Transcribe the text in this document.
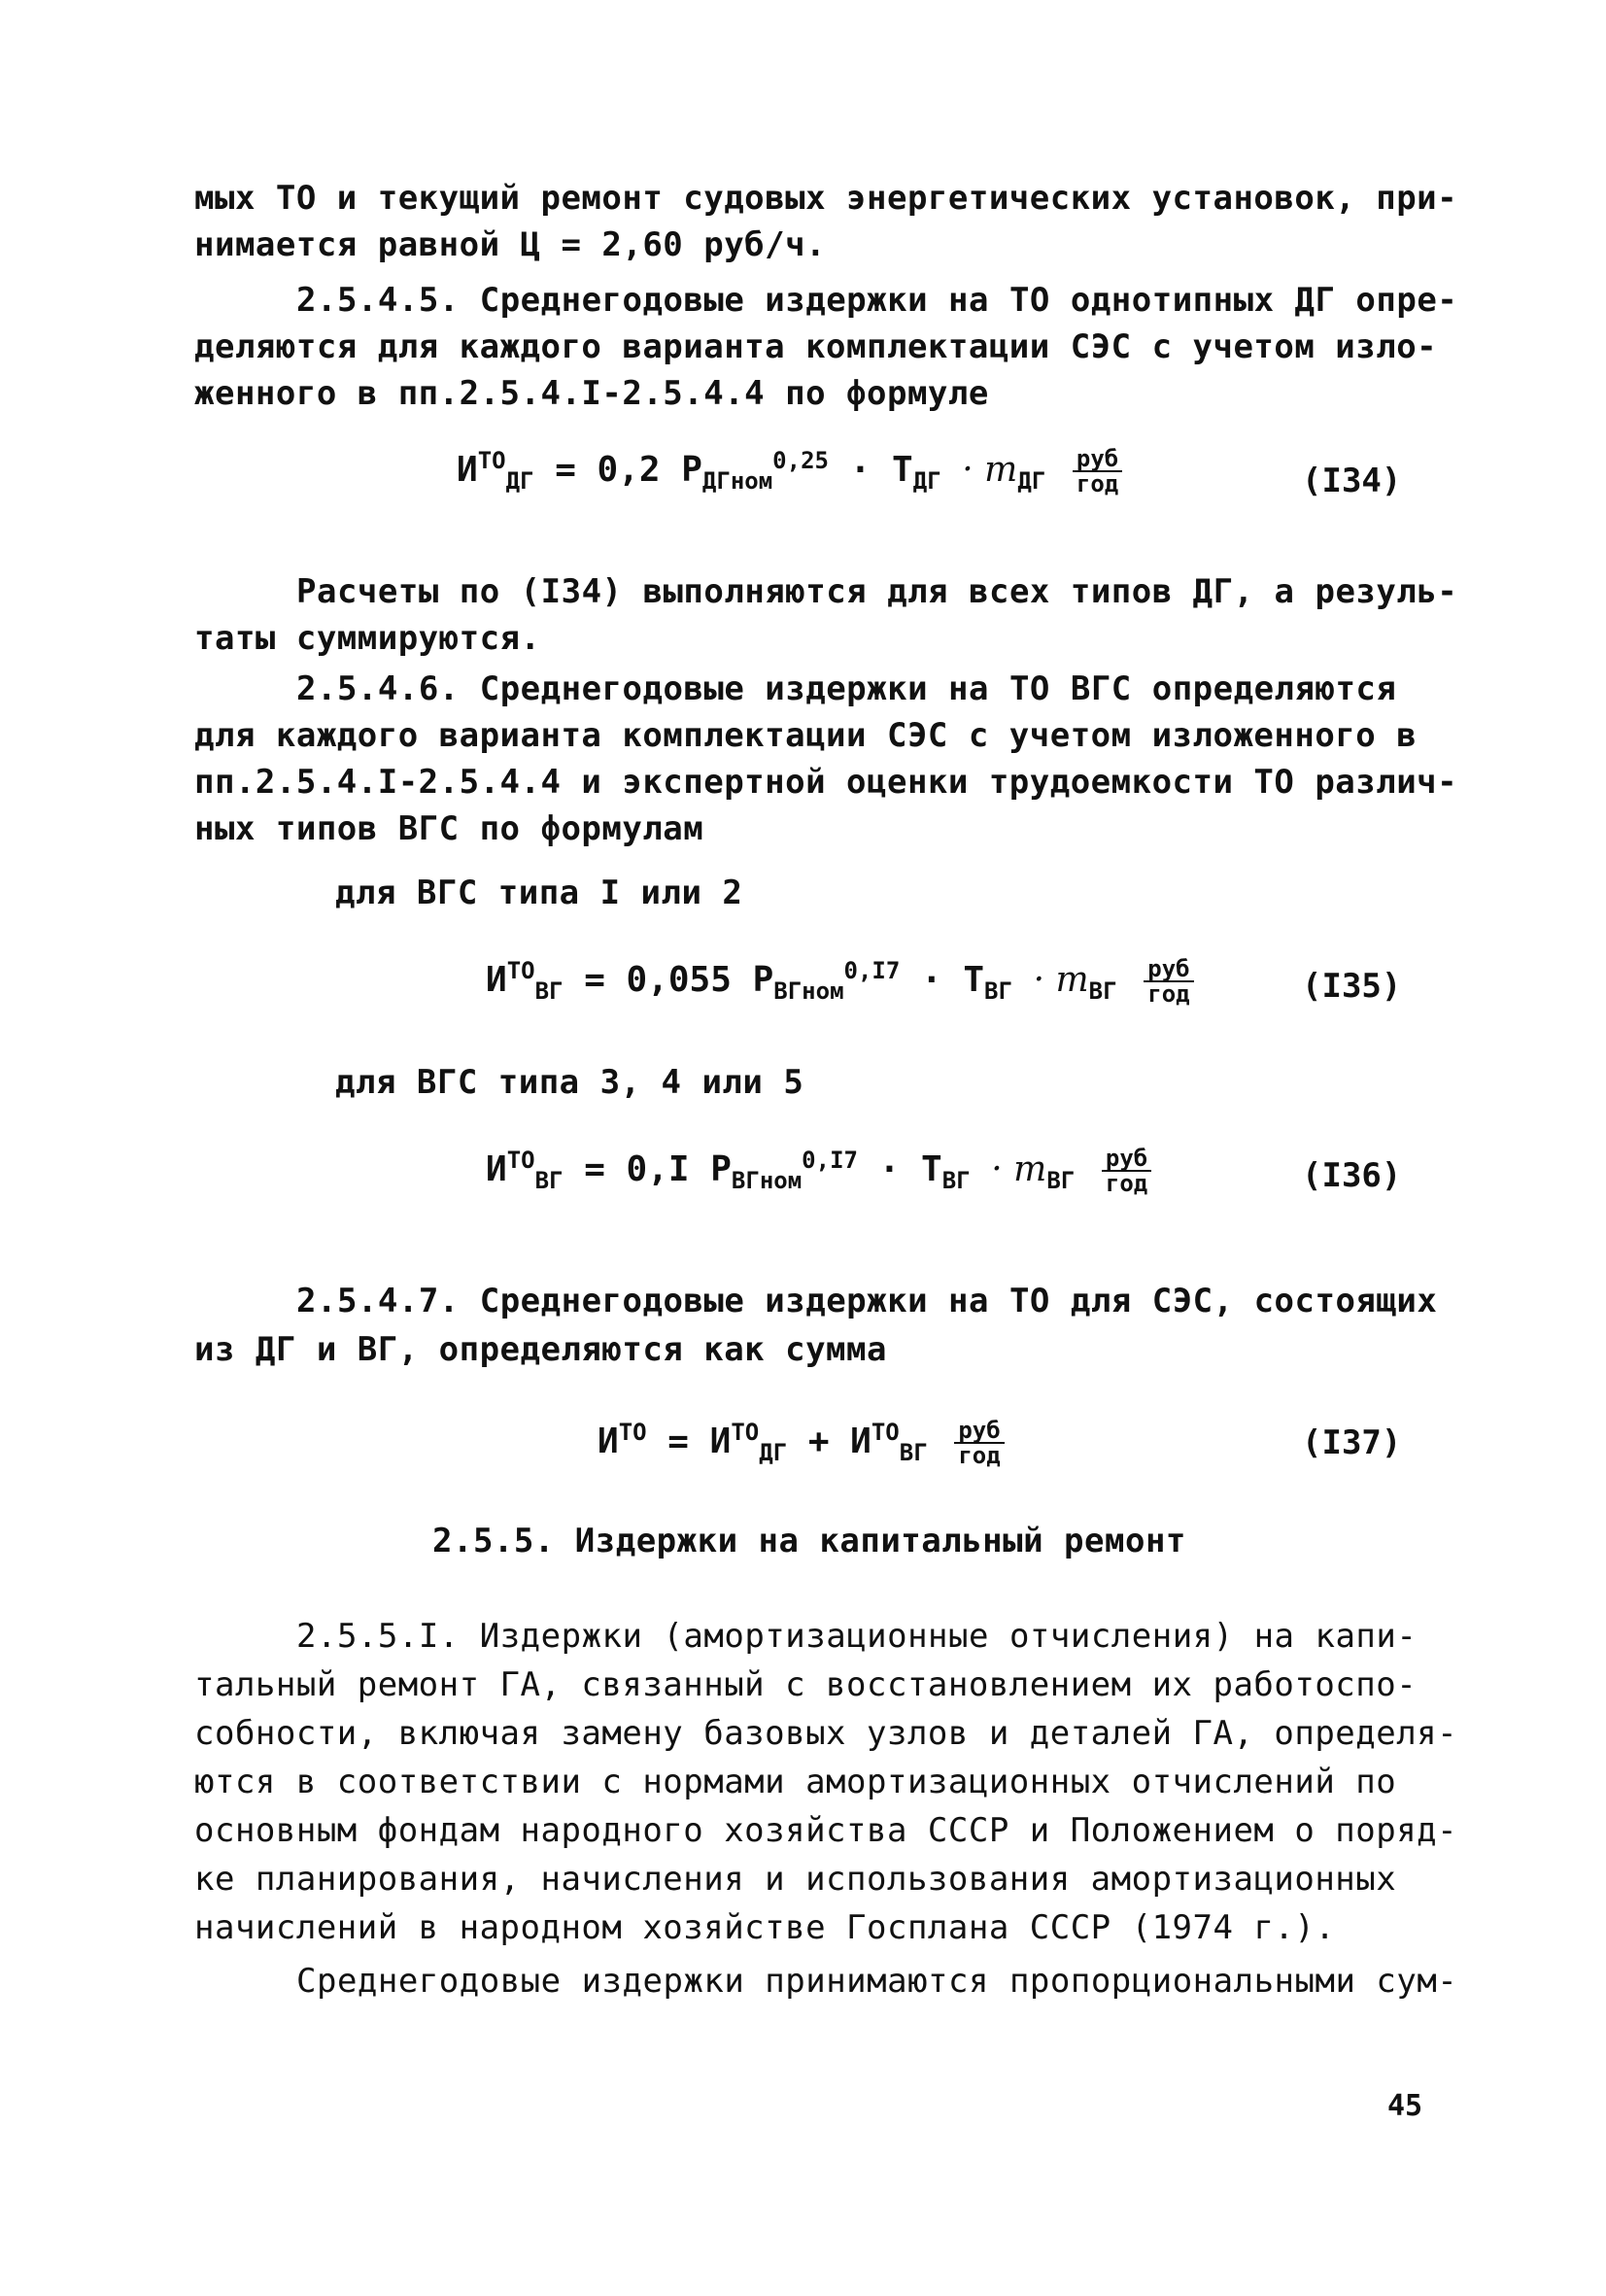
мых ТО и текущий ремонт судовых энергетических установок, при-
нимается равной Ц = 2,60 руб/ч.
2.5.4.5. Среднегодовые издержки на ТО однотипных ДГ опре-
деляются для каждого варианта комплектации СЭС с учетом изло-
женного в пп.2.5.4.I-2.5.4.4 по формуле
$И^{ТО}_{ДГ} = 0,2$ $P_{ДГном}^{0,25} \cdot T_{ДГ} \cdot m_{ДГ} \frac{\text{руб}}{\text{год}}$	(I34)
Расчеты по (I34) выполняются для всех типов ДГ, а резуль-
таты суммируются.
2.5.4.6. Среднегодовые издержки на ТО ВГС определяются
для каждого варианта комплектации СЭС с учетом изложенного в
пп.2.5.4.I-2.5.4.4 и экспертной оценки трудоемкости ТО различ-
ных типов ВГС по формулам
для ВГС типа I или 2
$И^{ТО}_{ВГ} = 0,055$ $P_{ВГном}^{0,I7} \cdot T_{ВГ} \cdot m_{ВГ} \frac{\text{руб}}{\text{год}}$	(I35)
для ВГС типа 3, 4 или 5
$И^{ТО}_{ВГ} = 0,I$ $P_{ВГном}^{0,I7} \cdot T_{ВГ} \cdot m_{ВГ} \frac{\text{руб}}{\text{год}}$	(I36)
2.5.4.7. Среднегодовые издержки на ТО для СЭС, состоящих
из ДГ и ВГ, определяются как сумма
$И^{ТО} = И^{ТО}_{ДГ} + И^{ТО}_{ВГ} \frac{\text{руб}}{\text{год}}$	(I37)
2.5.5. Издержки на капитальный ремонт
2.5.5.I. Издержки (амортизационные отчисления) на капи-
тальный ремонт ГА, связанный с восстановлением их работоспо-
собности, включая замену базовых узлов и деталей ГА, определя-
ются в соответствии с нормами амортизационных отчислений по
основным фондам народного хозяйства СССР и Положением о поряд-
ке планирования, начисления и использования амортизационных
начислений в народном хозяйстве Госплана СССР (1974 г.).
Среднегодовые издержки принимаются пропорциональными сум-
45
